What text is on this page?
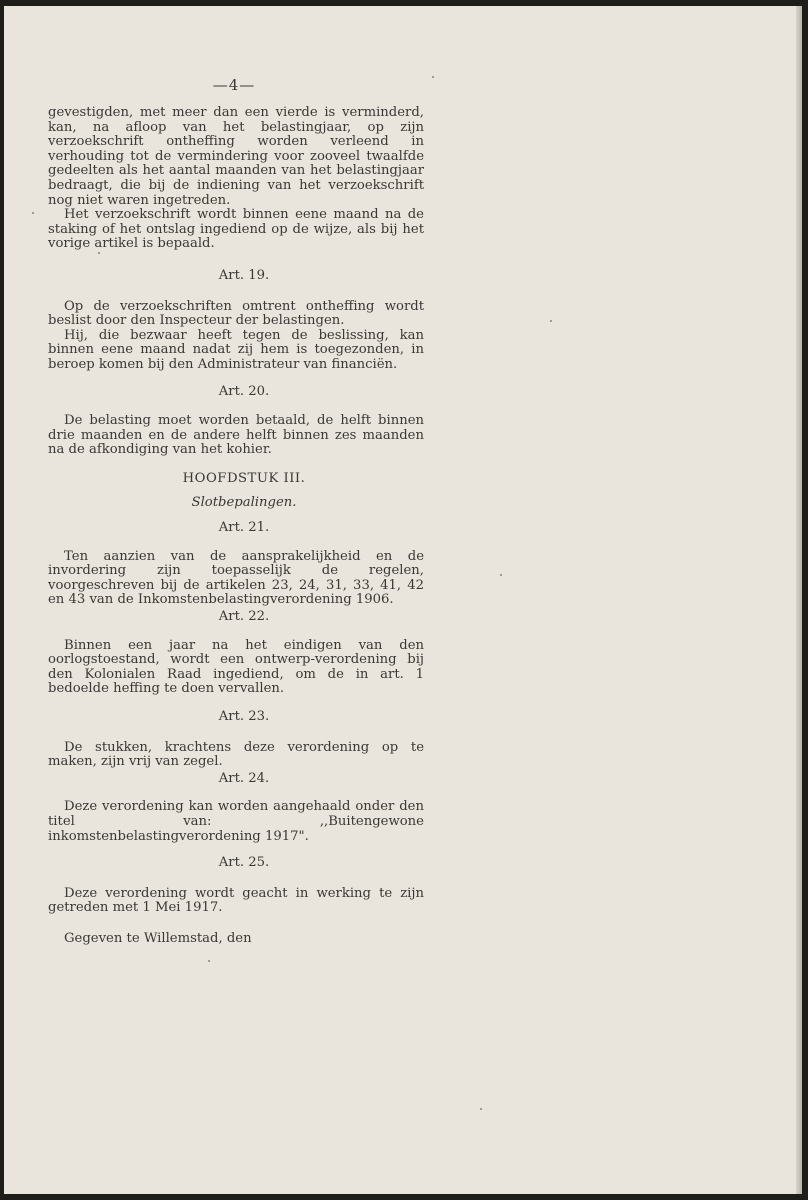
—4—

gevestigden, met meer dan een vierde is verminderd, kan, na afloop van het belastingjaar, op zijn verzoekschrift ontheffing worden verleend in verhouding tot de vermindering voor zooveel twaalfde gedeelten als het aantal maanden van het belastingjaar bedraagt, die bij de indiening van het verzoekschrift nog niet waren ingetreden.

Het verzoekschrift wordt binnen eene maand na de staking of het ontslag ingediend op de wijze, als bij het vorige artikel is bepaald.

Art. 19.

Op de verzoekschriften omtrent ontheffing wordt beslist door den Inspecteur der belastingen.

Hij, die bezwaar heeft tegen de beslissing, kan binnen eene maand nadat zij hem is toegezonden, in beroep komen bij den Administrateur van financiën.

Art. 20.

De belasting moet worden betaald, de helft binnen drie maanden en de andere helft binnen zes maanden na de afkondiging van het kohier.

HOOFDSTUK III.

Slotbepalingen.

Art. 21.

Ten aanzien van de aansprakelijkheid en de invordering zijn toepasselijk de regelen, voorgeschreven bij de artikelen 23, 24, 31, 33, 41, 42 en 43 van de Inkomstenbelastingverordening 1906.

Art. 22.

Binnen een jaar na het eindigen van den oorlogstoestand, wordt een ontwerp-verordening bij den Kolonialen Raad ingediend, om de in art. 1 bedoelde heffing te doen vervallen.

Art. 23.

De stukken, krachtens deze verordening op te maken, zijn vrij van zegel.

Art. 24.

Deze verordening kan worden aangehaald onder den titel van: ,,Buitengewone inkomstenbelastingverordening 1917".

Art. 25.

Deze verordening wordt geacht in werking te zijn getreden met 1 Mei 1917.

Gegeven te Willemstad, den
